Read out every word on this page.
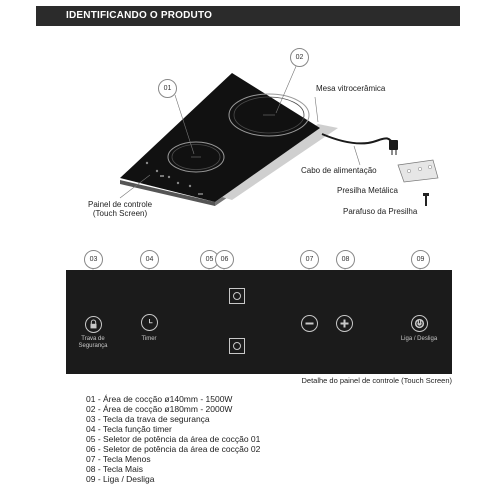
IDENTIFICANDO O PRODUTO
01
02
Mesa vitrocerâmica
Cabo de alimentação
Presilha Metálica
Parafuso da Presilha
Painel de controle
(Touch Screen)
03	04	05	06	07	08	09
Trava de
Segurança
Timer	Liga / Desliga
Detalhe do painel de controle (Touch Screen)
01 - Área de cocção ø140mm - 1500W
02 - Área de cocção ø180mm - 2000W
03 - Tecla da trava de segurança
04 - Tecla função timer
05 - Seletor de potência da área de cocção 01
06 - Seletor de potência da área de cocção 02
07 - Tecla Menos
08 - Tecla Mais
09 - Liga / Desliga
